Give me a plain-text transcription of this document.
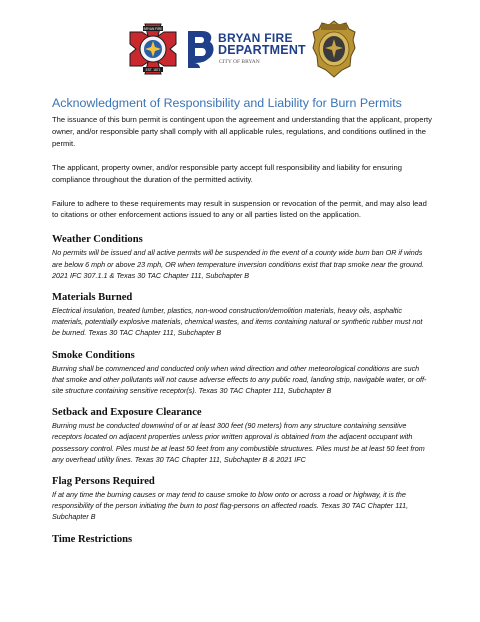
BRYAN FIRE
EST. 1871
BRYAN FIRE
DEPARTMENT
CITY OF BRYAN
Acknowledgment of Responsibility and Liability for Burn Permits

The issuance of this burn permit is contingent upon the agreement and understanding that the applicant, property owner, and/or responsible party shall comply with all applicable rules, regulations, and conditions outlined in the permit.

The applicant, property owner, and/or responsible party accept full responsibility and liability for ensuring compliance throughout the duration of the permitted activity.

Failure to adhere to these requirements may result in suspension or revocation of the permit, and may also lead to citations or other enforcement actions issued to any or all parties listed on the application.

Weather Conditions

No permits will be issued and all active permits will be suspended in the event of a county wide burn ban OR if winds are below 6 mph or above 23 mph, OR when temperature inversion conditions exist that trap smoke near the ground. 2021 IFC 307.1.1 & Texas 30 TAC Chapter 111, Subchapter B

Materials Burned

Electrical insulation, treated lumber, plastics, non-wood construction/demolition materials, heavy oils, asphaltic materials, potentially explosive materials, chemical wastes, and items containing natural or synthetic rubber must not be burned. Texas 30 TAC Chapter 111, Subchapter B

Smoke Conditions

Burning shall be commenced and conducted only when wind direction and other meteorological conditions are such that smoke and other pollutants will not cause adverse effects to any public road, landing strip, navigable water, or off-site structure containing sensitive receptor(s). Texas 30 TAC Chapter 111, Subchapter B

Setback and Exposure Clearance

Burning must be conducted downwind of or at least 300 feet (90 meters) from any structure containing sensitive receptors located on adjacent properties unless prior written approval is obtained from the adjacent occupant with possessory control. Piles must be at least 50 feet from any combustible structures. Piles must be at least 50 feet from any overhead utility lines. Texas 30 TAC Chapter 111, Subchapter B & 2021 IFC

Flag Persons Required

If at any time the burning causes or may tend to cause smoke to blow onto or across a road or highway, it is the responsibility of the person initiating the burn to post flag-persons on affected roads. Texas 30 TAC Chapter 111, Subchapter B

Time Restrictions
